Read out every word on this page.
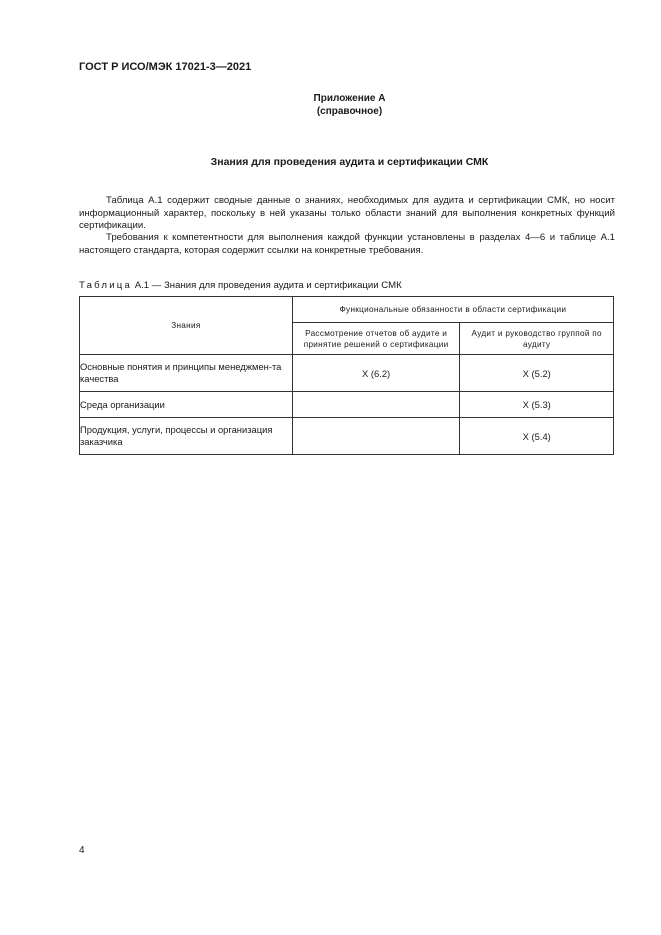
ГОСТ Р ИСО/МЭК 17021-3—2021
Приложение А
(справочное)
Знания для проведения аудита и сертификации СМК

Таблица А.1 содержит сводные данные о знаниях, необходимых для аудита и сертификации СМК, но носит информационный характер, поскольку в ней указаны только области знаний для выполнения конкретных функций сертификации.

Требования к компетентности для выполнения каждой функции установлены в разделах 4—6 и таблице А.1 настоящего стандарта, которая содержит ссылки на конкретные требования.

Таблица А.1 — Знания для проведения аудита и сертификации СМК
Знания	Функциональные обязанности в области сертификации	
	Рассмотрение отчетов об аудите и принятие решений о сертификации	Аудит и руководство группой по аудиту
Основные понятия и принципы менеджмен-та качества	X (6.2)	X (5.2)
Среда организации		X (5.3)
Продукция, услуги, процессы и организация заказчика		X (5.4)
4
